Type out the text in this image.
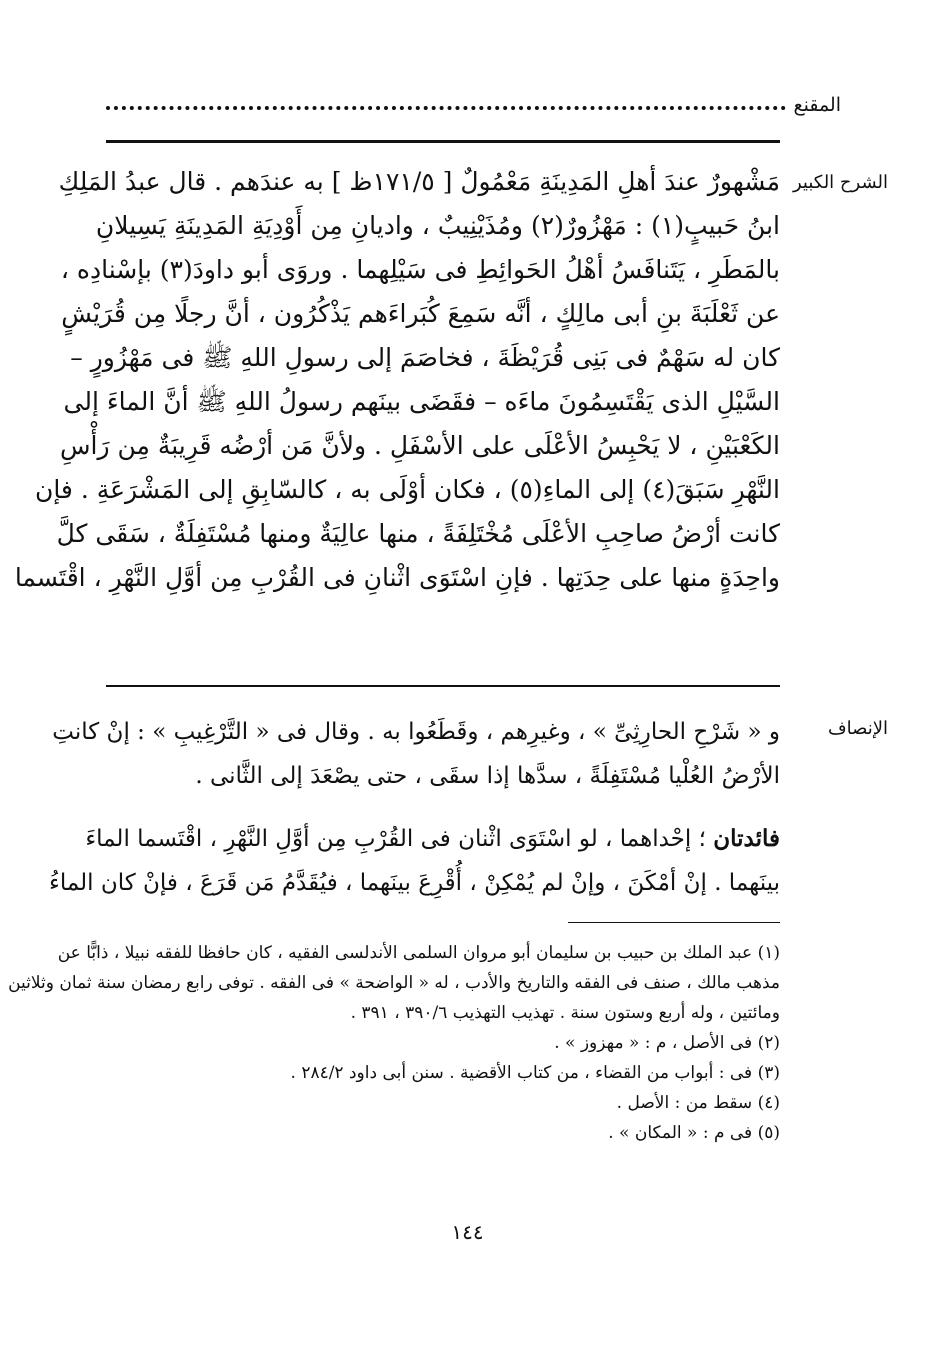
المقنع
الشرح الكبير
مَشْهورٌ عندَ أهلِ المَدِينَةِ مَعْمُولٌ [ ١٧١/٥ظ ] به عندَهم . قال عبدُ المَلِكِ
ابنُ حَبيبٍ(١) : مَهْزُورٌ(٢) ومُذَيْنِيبٌ ، واديانِ مِن أَوْدِيَةِ المَدِينَةِ يَسِيلانِ
بالمَطَرِ ، يَتَنافَسُ أهْلُ الحَوائِطِ فى سَيْلِهما . وروَى أبو داودَ(٣) بإسْنادِه ،
عن ثَعْلَبَةَ بنِ أبى مالِكٍ ، أنَّه سَمِعَ كُبَراءَهم يَذْكُرُون ، أنَّ رجلًا مِن قُرَيْشٍ
كان له سَهْمٌ فى بَنِى قُرَيْظَةَ ، فخاصَمَ إلى رسولِ اللهِ ﷺ فى مَهْزُورٍ –
السَّيْلِ الذى يَقْتَسِمُونَ ماءَه – فقَضَى بينَهم رسولُ اللهِ ﷺ أنَّ الماءَ إلى
الكَعْبَيْنِ ، لا يَحْبِسُ الأعْلَى على الأسْفَلِ . ولأنَّ مَن أرْضُه قَرِيبَةٌ مِن رَأْسِ
النَّهْرِ سَبَقَ(٤) إلى الماءِ(٥) ، فكان أوْلَى به ، كالسّابِقِ إلى المَشْرَعَةِ . فإن
كانت أرْضُ صاحِبِ الأعْلَى مُخْتَلِفَةً ، منها عالِيَةٌ ومنها مُسْتَفِلَةٌ ، سَقَى كلَّ
واحِدَةٍ منها على حِدَتِها . فإنِ اسْتَوَى اثْنانِ فى القُرْبِ مِن أوَّلِ النَّهْرِ ، اقْتَسما
الإنصاف
و « شَرْحِ الحارِثِىِّ » ، وغيرِهم ، وقَطَعُوا به . وقال فى « التَّرْغِيبِ » : إنْ كانتِ
الأرْضُ العُلْيا مُسْتَفِلَةً ، سدَّها إذا سقَى ، حتى يصْعَدَ إلى الثَّانى .
فائدتان ؛ إحْداهما ، لو اسْتَوَى اثْنان فى القُرْبِ مِن أوَّلِ النَّهْرِ ، اقْتَسما الماءَ
بينَهما . إنْ أمْكَنَ ، وإنْ لم يُمْكِنْ ، أُقْرِعَ بينَهما ، فيُقَدَّمُ مَن قَرَعَ ، فإنْ كان الماءُ
(١) عبد الملك بن حبيب بن سليمان أبو مروان السلمى الأندلسى الفقيه ، كان حافظا للفقه نبيلا ، ذابًّا عن
مذهب مالك ، صنف فى الفقه والتاريخ والأدب ، له « الواضحة » فى الفقه . توفى رابع رمضان سنة ثمان وثلاثين
ومائتين ، وله أربع وستون سنة . تهذيب التهذيب ٣٩٠/٦ ، ٣٩١ .
(٢) فى الأصل ، م : « مهزوز » .
(٣) فى : أبواب من القضاء ، من كتاب الأقضية . سنن أبى داود ٢٨٤/٢ .
(٤) سقط من : الأصل .
(٥) فى م : « المكان » .
١٤٤
